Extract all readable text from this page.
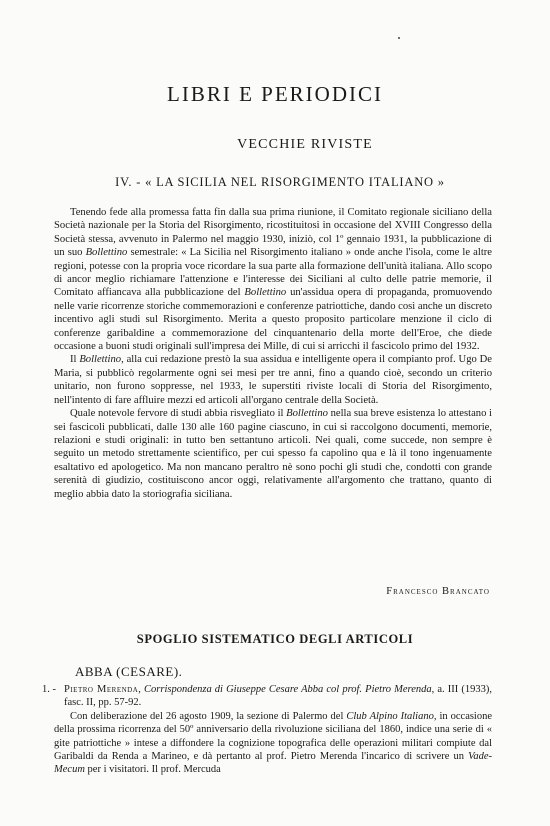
LIBRI E PERIODICI
VECCHIE RIVISTE
IV. - « LA SICILIA NEL RISORGIMENTO ITALIANO »

Tenendo fede alla promessa fatta fin dalla sua prima riunione, il Comitato regionale siciliano della Società nazionale per la Storia del Risorgimento, ricostituitosi in occasione del XVIII Congresso della Società stessa, avvenuto in Palermo nel maggio 1930, iniziò, col 1º gennaio 1931, la pubblicazione di un suo Bollettino semestrale: « La Sicilia nel Risorgimento italiano » onde anche l'isola, come le altre regioni, potesse con la propria voce ricordare la sua parte alla formazione dell'unità italiana. Allo scopo di ancor meglio richiamare l'attenzione e l'interesse dei Siciliani al culto delle patrie memorie, il Comitato affiancava alla pubblicazione del Bollettino un'assidua opera di propaganda, promuovendo nelle varie ricorrenze storiche commemorazioni e conferenze patriottiche, dando così anche un discreto incentivo agli studi sul Risorgimento. Merita a questo proposito particolare menzione il ciclo di conferenze garibaldine a commemorazione del cinquantenario della morte dell'Eroe, che diede occasione a buoni studi originali sull'impresa dei Mille, di cui si arricchì il fascicolo primo del 1932.

Il Bollettino, alla cui redazione prestò la sua assidua e intelligente opera il compianto prof. Ugo De Maria, si pubblicò regolarmente ogni sei mesi per tre anni, fino a quando cioè, secondo un criterio unitario, non furono soppresse, nel 1933, le superstiti riviste locali di Storia del Risorgimento, nell'intento di fare affluire mezzi ed articoli all'organo centrale della Società.

Quale notevole fervore di studi abbia risvegliato il Bollettino nella sua breve esistenza lo attestano i sei fascicoli pubblicati, dalle 130 alle 160 pagine ciascuno, in cui si raccolgono documenti, memorie, relazioni e studi originali: in tutto ben settantuno articoli. Nei quali, come succede, non sempre è seguito un metodo strettamente scientifico, per cui spesso fa capolino qua e là il tono ingenuamente esaltativo ed apologetico. Ma non mancano peraltro nè sono pochi gli studi che, condotti con grande serenità di giudizio, costituiscono ancor oggi, relativamente all'argomento che trattano, quanto di meglio abbia dato la storiografia siciliana.

Francesco Brancato
SPOGLIO SISTEMATICO DEGLI ARTICOLI
ABBA (CESARE).
1. - Pietro Merenda, Corrispondenza di Giuseppe Cesare Abba col prof. Pietro Merenda, a. III (1933), fasc. II, pp. 57-92.

Con deliberazione del 26 agosto 1909, la sezione di Palermo del Club Alpino Italiano, in occasione della prossima ricorrenza del 50º anniversario della rivoluzione siciliana del 1860, indice una serie di « gite patriottiche » intese a diffondere la cognizione topografica delle operazioni militari compiute dal Garibaldi da Renda a Marineo, e dà pertanto al prof. Pietro Merenda l'incarico di scrivere un Vade-Mecum per i visitatori. Il prof. Mercuda
